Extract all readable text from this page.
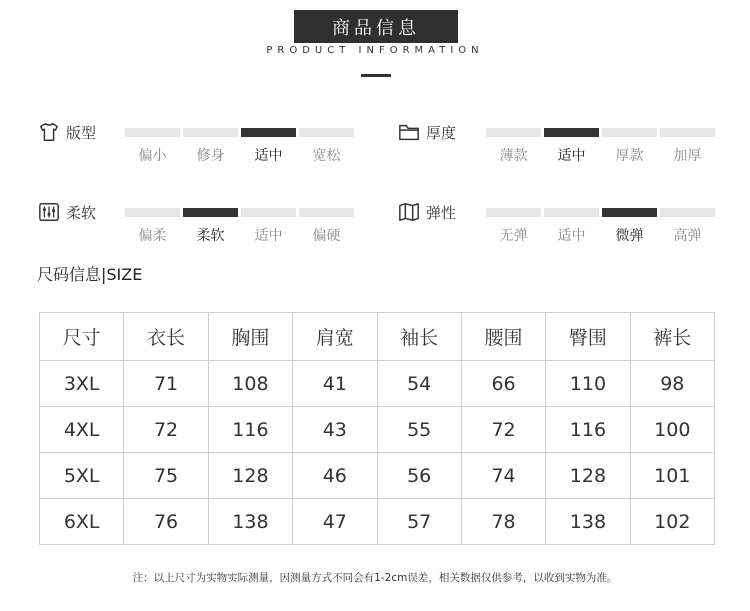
商品信息
PRODUCT INFORMATION
版型
偏小 修身 适中 宽松
厚度
薄款 适中 厚款 加厚
柔软
偏柔 柔软 适中 偏硬
弹性
无弹 适中 微弹 高弹
尺码信息|SIZE
尺寸	衣长	胸围	肩宽	袖长	腰围	臀围	裤长
3XL	71	108	41	54	66	110	98
4XL	72	116	43	55	72	116	100
5XL	75	128	46	56	74	128	101
6XL	76	138	47	57	78	138	102
注：以上尺寸为实物实际测量，因测量方式不同会有1-2cm误差，相关数据仅供参考，以收到实物为准。
